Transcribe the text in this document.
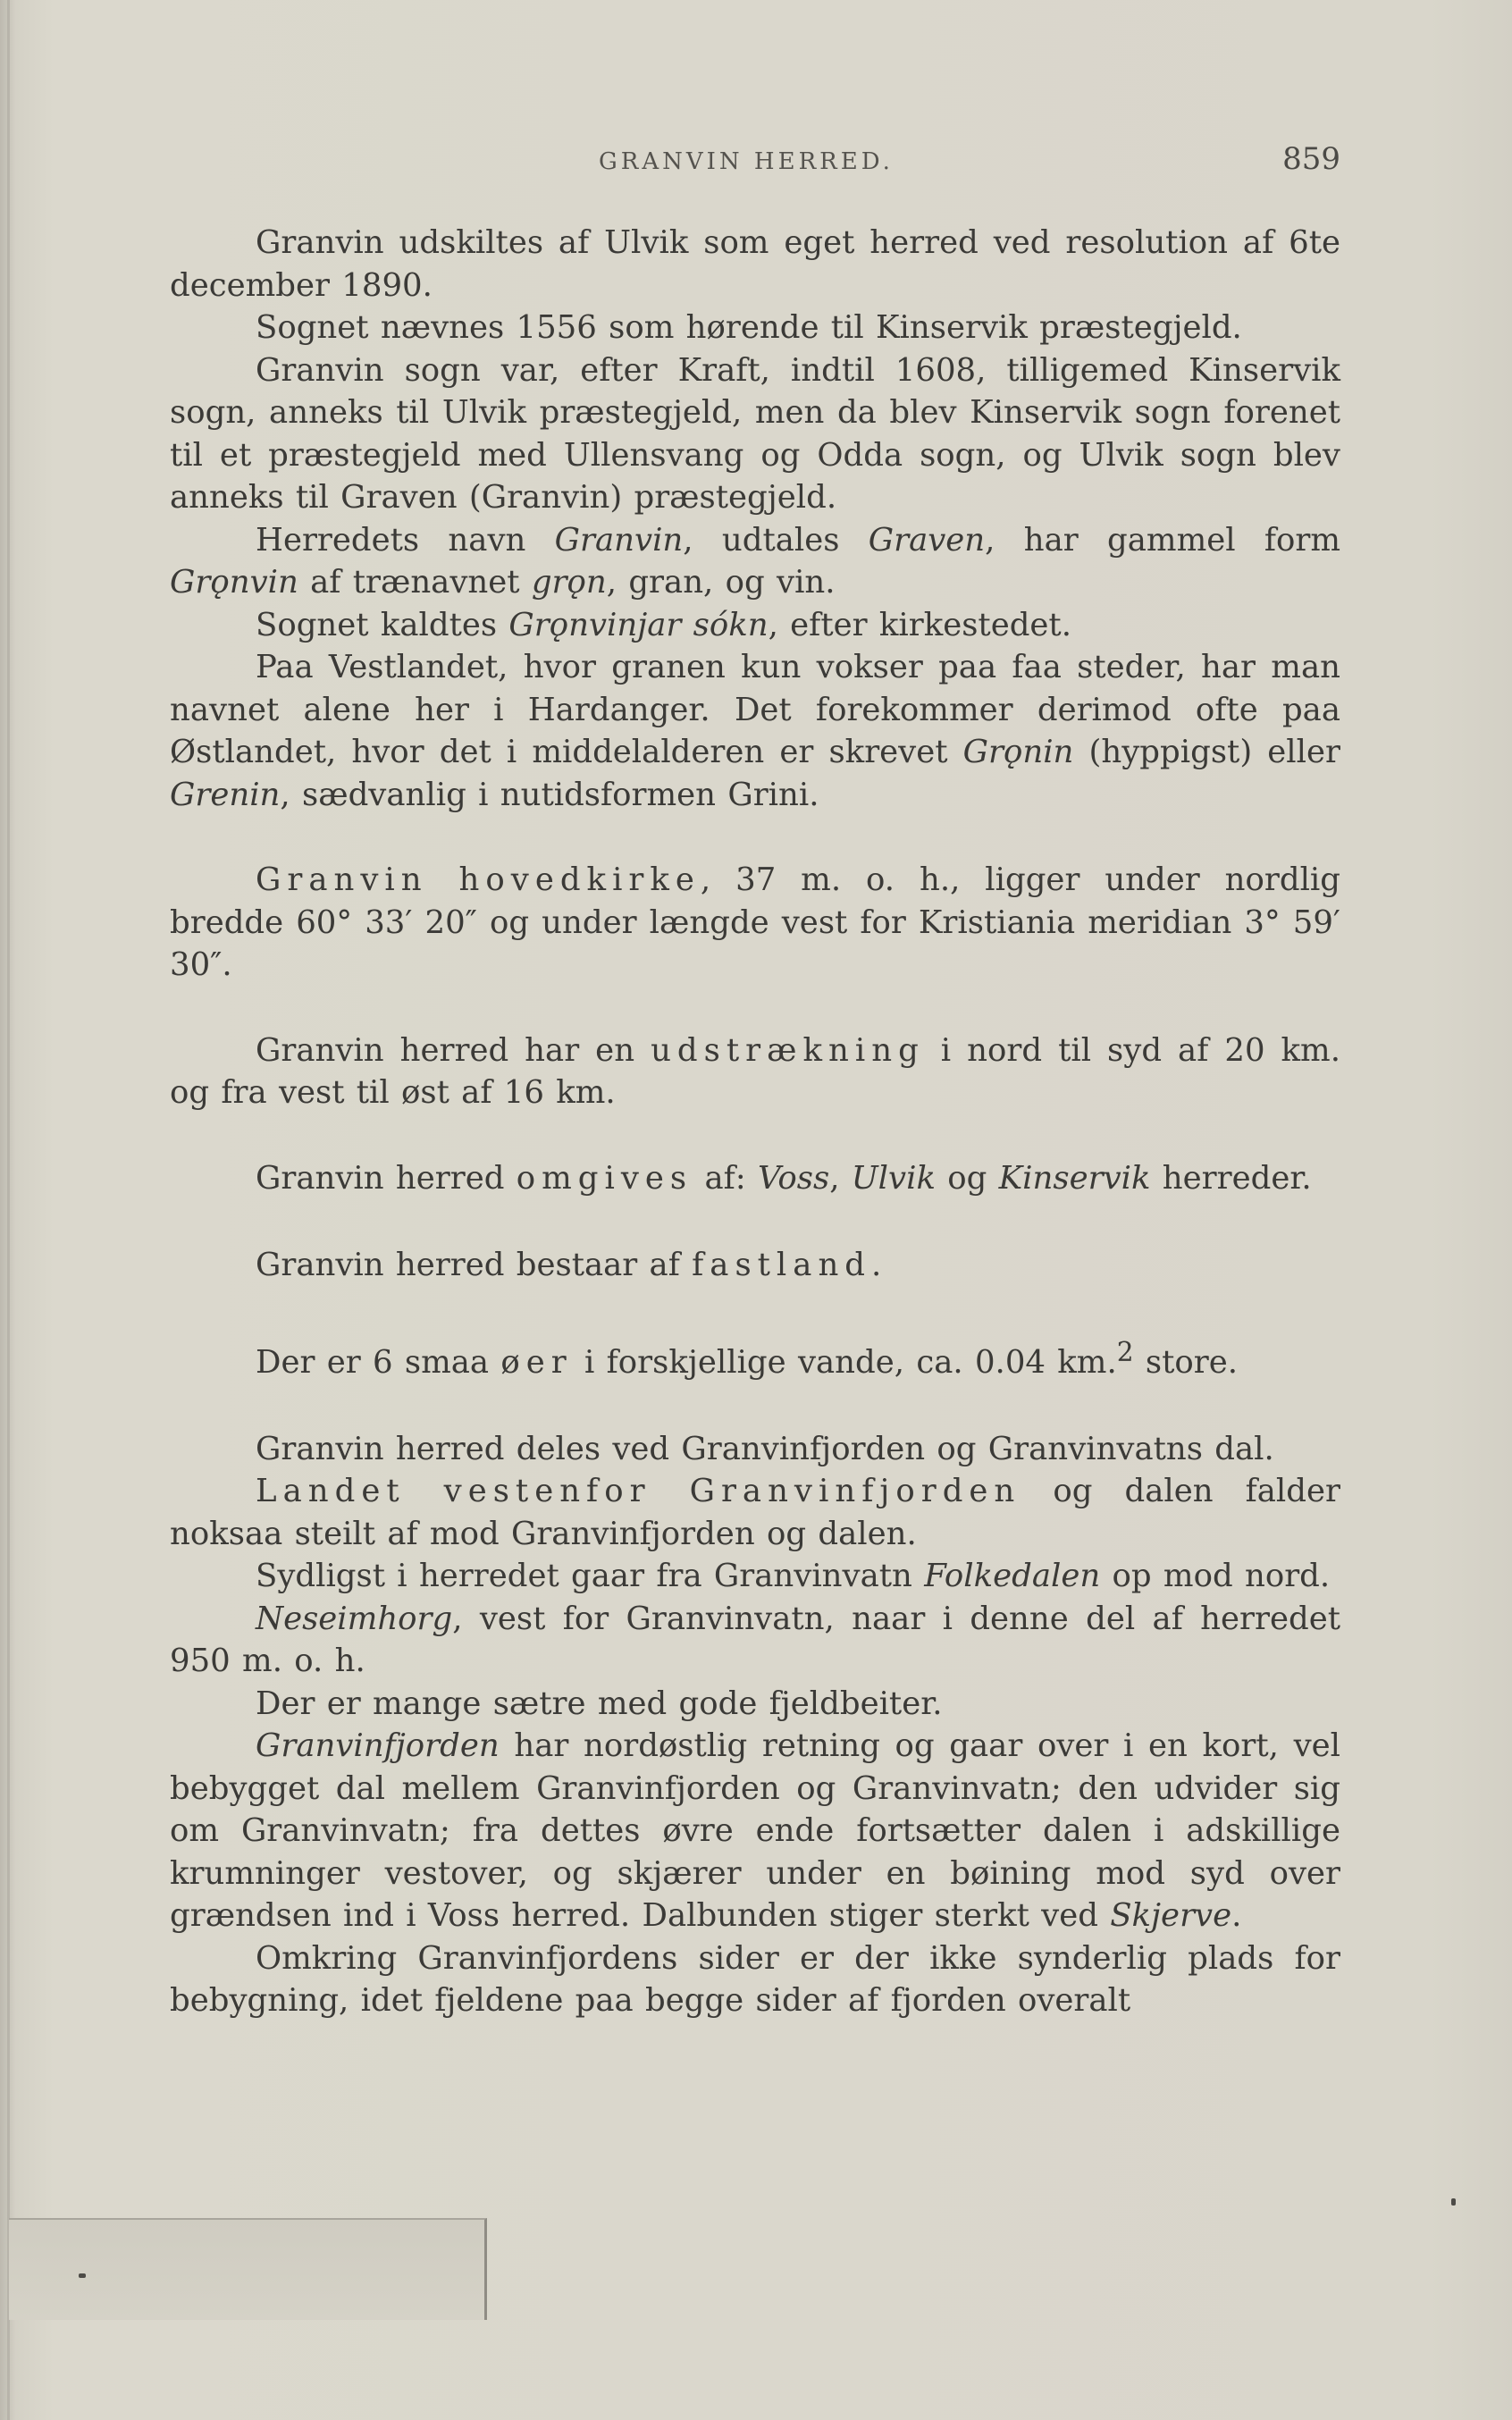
GRANVIN HERRED.	859

Granvin udskiltes af Ulvik som eget herred ved resolution af 6te december 1890.

Sognet nævnes 1556 som hørende til Kinservik præstegjeld.

Granvin sogn var, efter Kraft, indtil 1608, tilligemed Kinservik sogn, anneks til Ulvik præstegjeld, men da blev Kinservik sogn forenet til et præstegjeld med Ullensvang og Odda sogn, og Ulvik sogn blev anneks til Graven (Granvin) præstegjeld.

Herredets navn Granvin, udtales Graven, har gammel form Grǫnvin af trænavnet grǫn, gran, og vin.

Sognet kaldtes Grǫnvinjar sókn, efter kirkestedet.

Paa Vestlandet, hvor granen kun vokser paa faa steder, har man navnet alene her i Hardanger. Det forekommer derimod ofte paa Østlandet, hvor det i middelalderen er skrevet Grǫnin (hyppigst) eller Grenin, sædvanlig i nutidsformen Grini.

Granvin hovedkirke, 37 m. o. h., ligger under nordlig bredde 60° 33′ 20″ og under længde vest for Kristiania meridian 3° 59′ 30″.

Granvin herred har en udstrækning i nord til syd af 20 km. og fra vest til øst af 16 km.

Granvin herred omgives af: Voss, Ulvik og Kinservik herreder.

Granvin herred bestaar af fastland.

Der er 6 smaa øer i forskjellige vande, ca. 0.04 km.$^2$ store.

Granvin herred deles ved Granvinfjorden og Granvinvatns dal.

Landet vestenfor Granvinfjorden og dalen falder noksaa steilt af mod Granvinfjorden og dalen.

Sydligst i herredet gaar fra Granvinvatn Folkedalen op mod nord.

Neseimhorg, vest for Granvinvatn, naar i denne del af herredet 950 m. o. h.

Der er mange sætre med gode fjeldbeiter.

Granvinfjorden har nordøstlig retning og gaar over i en kort, vel bebygget dal mellem Granvinfjorden og Granvinvatn; den udvider sig om Granvinvatn; fra dettes øvre ende fortsætter dalen i adskillige krumninger vestover, og skjærer under en bøining mod syd over grændsen ind i Voss herred. Dalbunden stiger sterkt ved Skjerve.

Omkring Granvinfjordens sider er der ikke synderlig plads for bebygning, idet fjeldene paa begge sider af fjorden overalt
